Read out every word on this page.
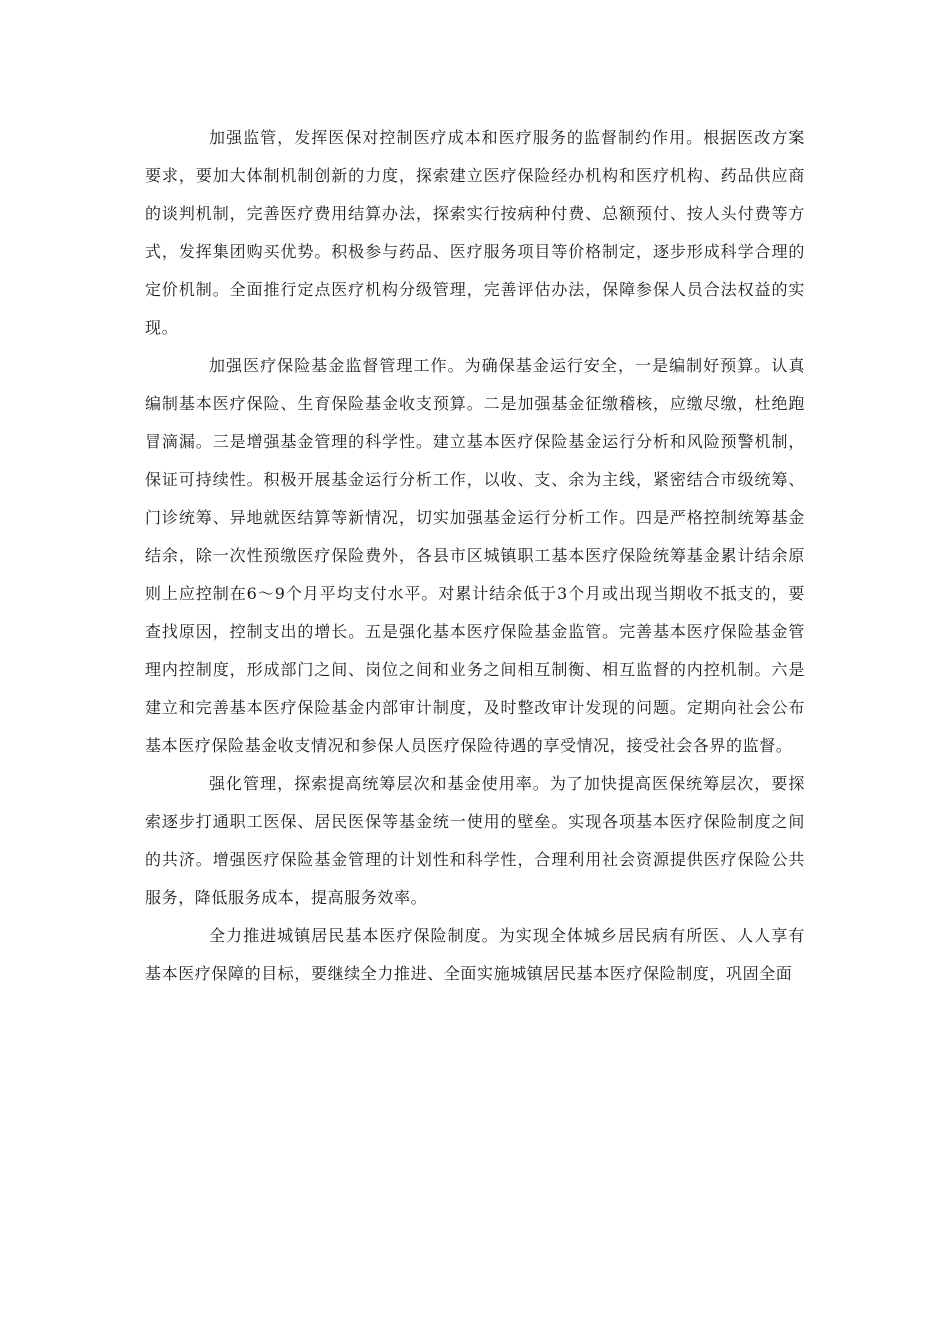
加强监管，发挥医保对控制医疗成本和医疗服务的监督制约作用。根据医改方案要求，要加大体制机制创新的力度，探索建立医疗保险经办机构和医疗机构、药品供应商的谈判机制，完善医疗费用结算办法，探索实行按病种付费、总额预付、按人头付费等方式，发挥集团购买优势。积极参与药品、医疗服务项目等价格制定，逐步形成科学合理的定价机制。全面推行定点医疗机构分级管理，完善评估办法，保障参保人员合法权益的实现。

加强医疗保险基金监督管理工作。为确保基金运行安全，一是编制好预算。认真编制基本医疗保险、生育保险基金收支预算。二是加强基金征缴稽核，应缴尽缴，杜绝跑冒滴漏。三是增强基金管理的科学性。建立基本医疗保险基金运行分析和风险预警机制，保证可持续性。积极开展基金运行分析工作，以收、支、余为主线，紧密结合市级统筹、门诊统筹、异地就医结算等新情况，切实加强基金运行分析工作。四是严格控制统筹基金结余，除一次性预缴医疗保险费外，各县市区城镇职工基本医疗保险统筹基金累计结余原则上应控制在6～9个月平均支付水平。对累计结余低于3个月或出现当期收不抵支的，要查找原因，控制支出的增长。五是强化基本医疗保险基金监管。完善基本医疗保险基金管理内控制度，形成部门之间、岗位之间和业务之间相互制衡、相互监督的内控机制。六是建立和完善基本医疗保险基金内部审计制度，及时整改审计发现的问题。定期向社会公布基本医疗保险基金收支情况和参保人员医疗保险待遇的享受情况，接受社会各界的监督。

强化管理，探索提高统筹层次和基金使用率。为了加快提高医保统筹层次，要探索逐步打通职工医保、居民医保等基金统一使用的壁垒。实现各项基本医疗保险制度之间的共济。增强医疗保险基金管理的计划性和科学性，合理利用社会资源提供医疗保险公共服务，降低服务成本，提高服务效率。

全力推进城镇居民基本医疗保险制度。为实现全体城乡居民病有所医、人人享有基本医疗保障的目标，要继续全力推进、全面实施城镇居民基本医疗保险制度，巩固全面
